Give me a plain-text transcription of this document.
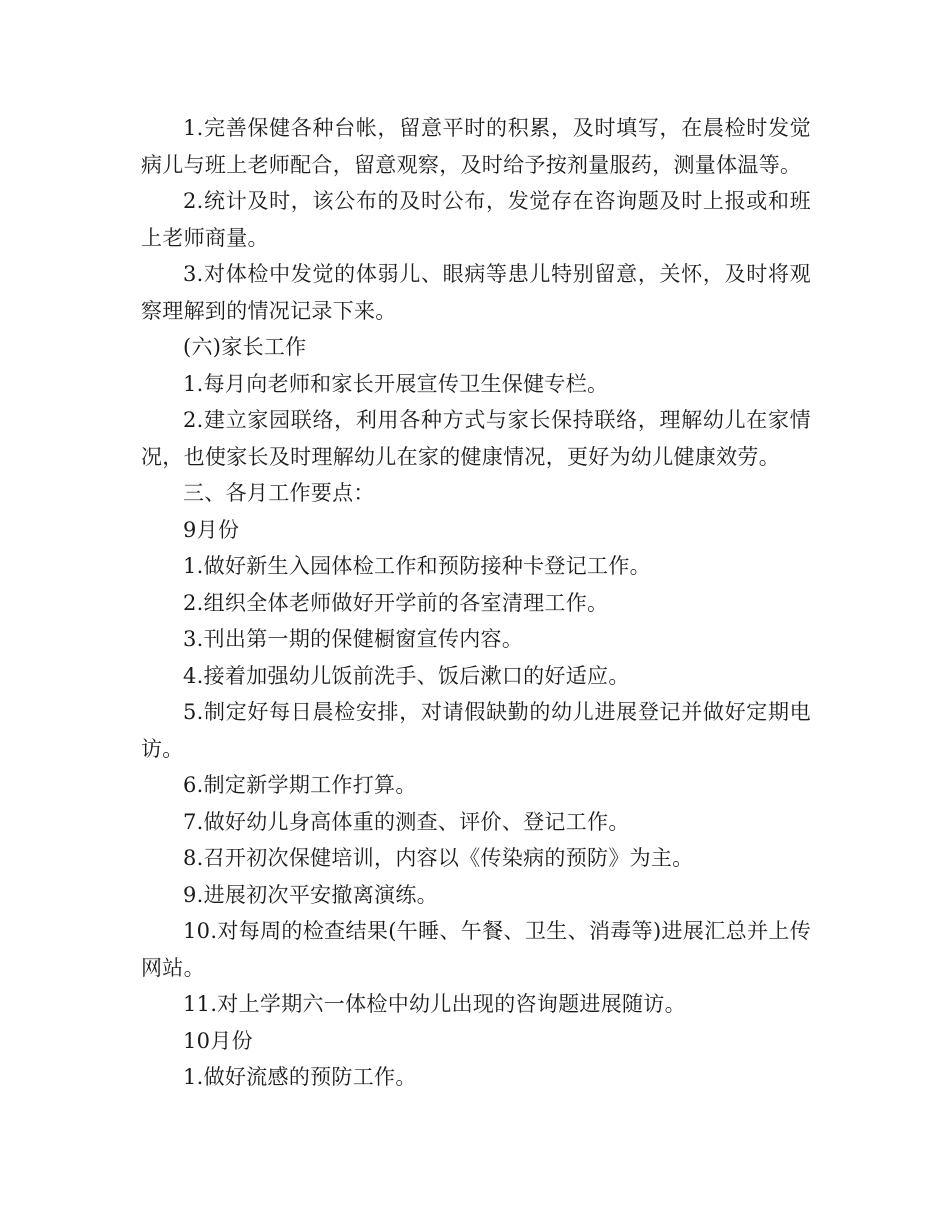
1.完善保健各种台帐，留意平时的积累，及时填写，在晨检时发觉病儿与班上老师配合，留意观察，及时给予按剂量服药，测量体温等。

2.统计及时，该公布的及时公布，发觉存在咨询题及时上报或和班上老师商量。

3.对体检中发觉的体弱儿、眼病等患儿特别留意，关怀，及时将观察理解到的情况记录下来。

(六)家长工作

1.每月向老师和家长开展宣传卫生保健专栏。

2.建立家园联络，利用各种方式与家长保持联络，理解幼儿在家情况，也使家长及时理解幼儿在家的健康情况，更好为幼儿健康效劳。

三、各月工作要点：

9月份

1.做好新生入园体检工作和预防接种卡登记工作。

2.组织全体老师做好开学前的各室清理工作。

3.刊出第一期的保健橱窗宣传内容。

4.接着加强幼儿饭前洗手、饭后漱口的好适应。

5.制定好每日晨检安排，对请假缺勤的幼儿进展登记并做好定期电访。

6.制定新学期工作打算。

7.做好幼儿身高体重的测查、评价、登记工作。

8.召开初次保健培训，内容以《传染病的预防》为主。

9.进展初次平安撤离演练。

10.对每周的检查结果(午睡、午餐、卫生、消毒等)进展汇总并上传网站。

11.对上学期六一体检中幼儿出现的咨询题进展随访。

10月份

1.做好流感的预防工作。
